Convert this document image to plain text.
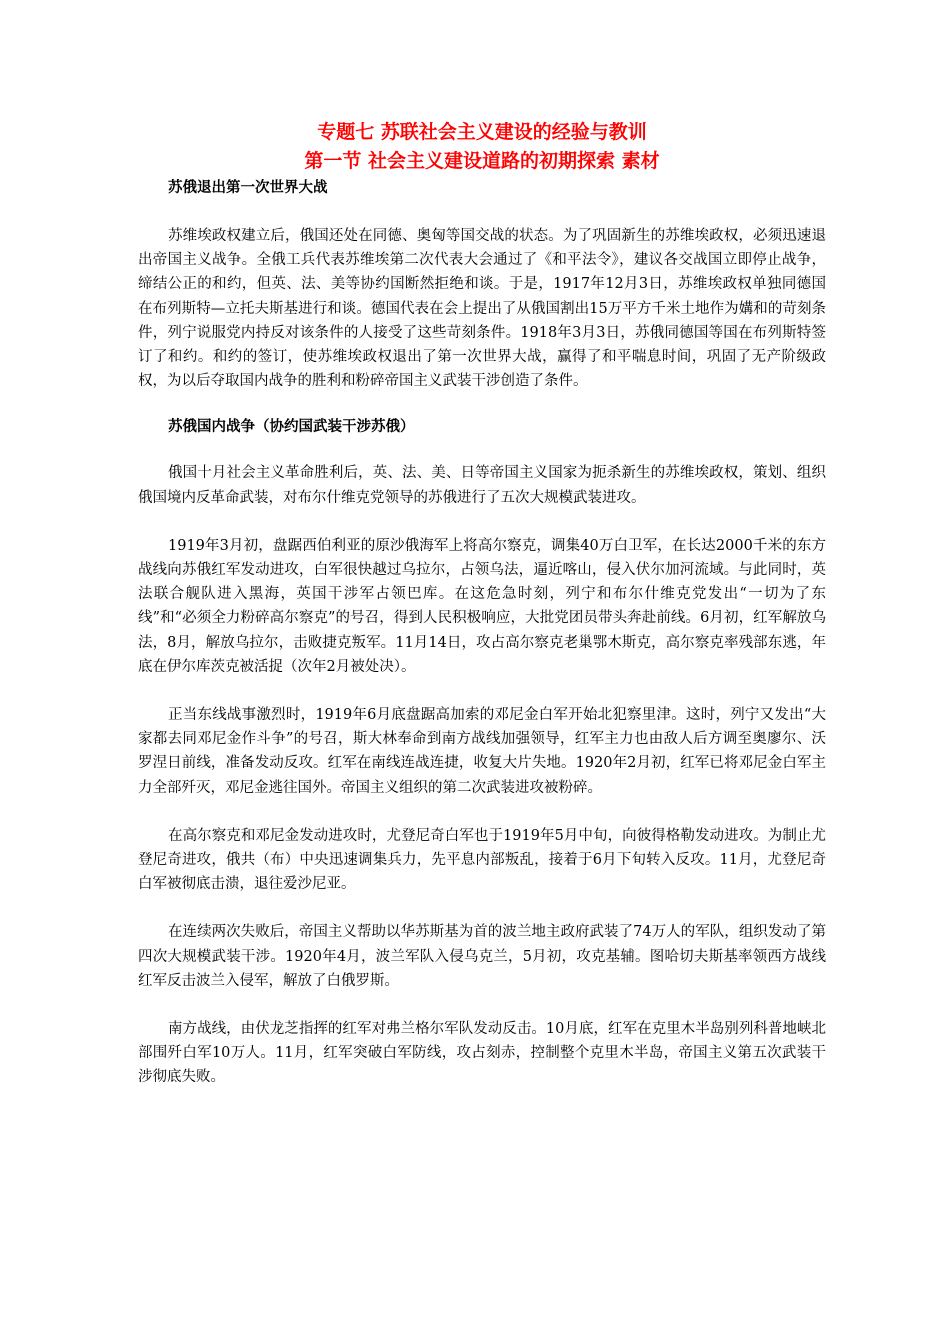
专题七 苏联社会主义建设的经验与教训
第一节 社会主义建设道路的初期探索 素材
苏俄退出第一次世界大战

苏维埃政权建立后，俄国还处在同德、奥匈等国交战的状态。为了巩固新生的苏维埃政权，必须迅速退出帝国主义战争。全俄工兵代表苏维埃第二次代表大会通过了《和平法令》，建议各交战国立即停止战争，缔结公正的和约，但英、法、美等协约国断然拒绝和谈。于是，1917年12月3日，苏维埃政权单独同德国在布列斯特—立托夫斯基进行和谈。德国代表在会上提出了从俄国割出15万平方千米土地作为媾和的苛刻条件，列宁说服党内持反对该条件的人接受了这些苛刻条件。1918年3月3日，苏俄同德国等国在布列斯特签订了和约。和约的签订，使苏维埃政权退出了第一次世界大战，赢得了和平喘息时间，巩固了无产阶级政权，为以后夺取国内战争的胜利和粉碎帝国主义武装干涉创造了条件。

苏俄国内战争（协约国武装干涉苏俄）

俄国十月社会主义革命胜利后，英、法、美、日等帝国主义国家为扼杀新生的苏维埃政权，策划、组织俄国境内反革命武装，对布尔什维克党领导的苏俄进行了五次大规模武装进攻。

1919年3月初，盘踞西伯利亚的原沙俄海军上将高尔察克，调集40万白卫军，在长达2000千米的东方战线向苏俄红军发动进攻，白军很快越过乌拉尔，占领乌法，逼近喀山，侵入伏尔加河流域。与此同时，英法联合舰队进入黑海，英国干涉军占领巴库。在这危急时刻，列宁和布尔什维克党发出“一切为了东线”和“必须全力粉碎高尔察克”的号召，得到人民积极响应，大批党团员带头奔赴前线。6月初，红军解放乌法，8月，解放乌拉尔，击败捷克叛军。11月14日，攻占高尔察克老巢鄂木斯克，高尔察克率残部东逃，年底在伊尔库茨克被活捉（次年2月被处决）。

正当东线战事激烈时，1919年6月底盘踞高加索的邓尼金白军开始北犯察里津。这时，列宁又发出“大家都去同邓尼金作斗争”的号召，斯大林奉命到南方战线加强领导，红军主力也由敌人后方调至奥廖尔、沃罗涅日前线，准备发动反攻。红军在南线连战连捷，收复大片失地。1920年2月初，红军已将邓尼金白军主力全部歼灭，邓尼金逃往国外。帝国主义组织的第二次武装进攻被粉碎。

在高尔察克和邓尼金发动进攻时，尤登尼奇白军也于1919年5月中旬，向彼得格勒发动进攻。为制止尤登尼奇进攻，俄共（布）中央迅速调集兵力，先平息内部叛乱，接着于6月下旬转入反攻。11月，尤登尼奇白军被彻底击溃，退往爱沙尼亚。

在连续两次失败后，帝国主义帮助以华苏斯基为首的波兰地主政府武装了74万人的军队，组织发动了第四次大规模武装干涉。1920年4月，波兰军队入侵乌克兰，5月初，攻克基辅。图哈切夫斯基率领西方战线红军反击波兰入侵军，解放了白俄罗斯。

南方战线，由伏龙芝指挥的红军对弗兰格尔军队发动反击。10月底，红军在克里木半岛别列科普地峡北部围歼白军10万人。11月，红军突破白军防线，攻占刻赤，控制整个克里木半岛，帝国主义第五次武装干涉彻底失败。
